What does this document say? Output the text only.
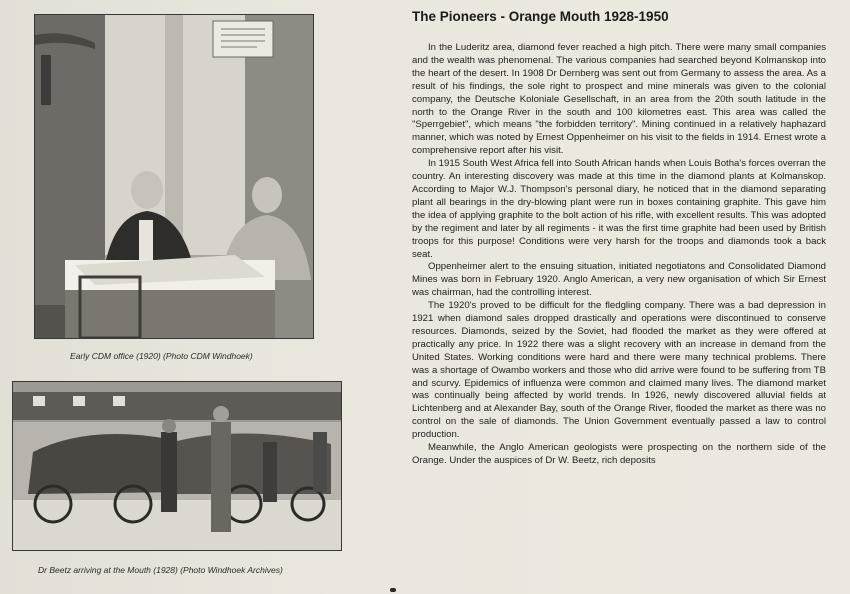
Early CDM office (1920) (Photo CDM Windhoek)
Dr Beetz arriving at the Mouth (1928) (Photo Windhoek Archives)
The Pioneers - Orange Mouth 1928-1950

In the Luderitz area, diamond fever reached a high pitch. There were many small companies and the wealth was phenomenal. The various companies had searched beyond Kolmanskop into the heart of the desert. In 1908 Dr Dernberg was sent out from Germany to assess the area. As a result of his findings, the sole right to prospect and mine minerals was given to the colonial company, the Deutsche Koloniale Gesellschaft, in an area from the 20th south latitude in the north to the Orange River in the south and 100 kilometres east. This area was called the "Sperrgebiet", which means "the forbidden territory". Mining continued in a relatively haphazard manner, which was noted by Ernest Oppenheimer on his visit to the fields in 1914. Ernest wrote a comprehensive report after his visit.

In 1915 South West Africa fell into South African hands when Louis Botha's forces overran the country. An interesting discovery was made at this time in the diamond plants at Kolmanskop. According to Major W.J. Thompson's personal diary, he noticed that in the diamond separating plant all bearings in the dry-blowing plant were run in boxes containing graphite. This gave him the idea of applying graphite to the bolt action of his rifle, with excellent results. This was adopted by the regiment and later by all regiments - it was the first time graphite had been used by British troops for this purpose! Conditions were very harsh for the troops and diamonds took a back seat.

Oppenheimer alert to the ensuing situation, initiated negotiatons and Consolidated Diamond Mines was born in February 1920. Anglo American, a very new organisation of which Sir Ernest was chairman, had the controlling interest.

The 1920's proved to be difficult for the fledgling company. There was a bad depression in 1921 when diamond sales dropped drastically and operations were discontinued to conserve resources. Diamonds, seized by the Soviet, had flooded the market as they were offered at practically any price. In 1922 there was a slight recovery with an increase in demand from the United States. Working conditions were hard and there were many technical problems. There was a shortage of Owambo workers and those who did arrive were found to be suffering from TB and scurvy. Epidemics of influenza were common and claimed many lives. The diamond market was continually being affected by world trends. In 1926, newly discovered alluvial fields at Lichtenberg and at Alexander Bay, south of the Orange River, flooded the market as there was no control on the sale of diamonds. The Union Government eventually passed a law to control production.

Meanwhile, the Anglo American geologists were prospecting on the northern side of the Orange. Under the auspices of Dr W. Beetz, rich deposits
